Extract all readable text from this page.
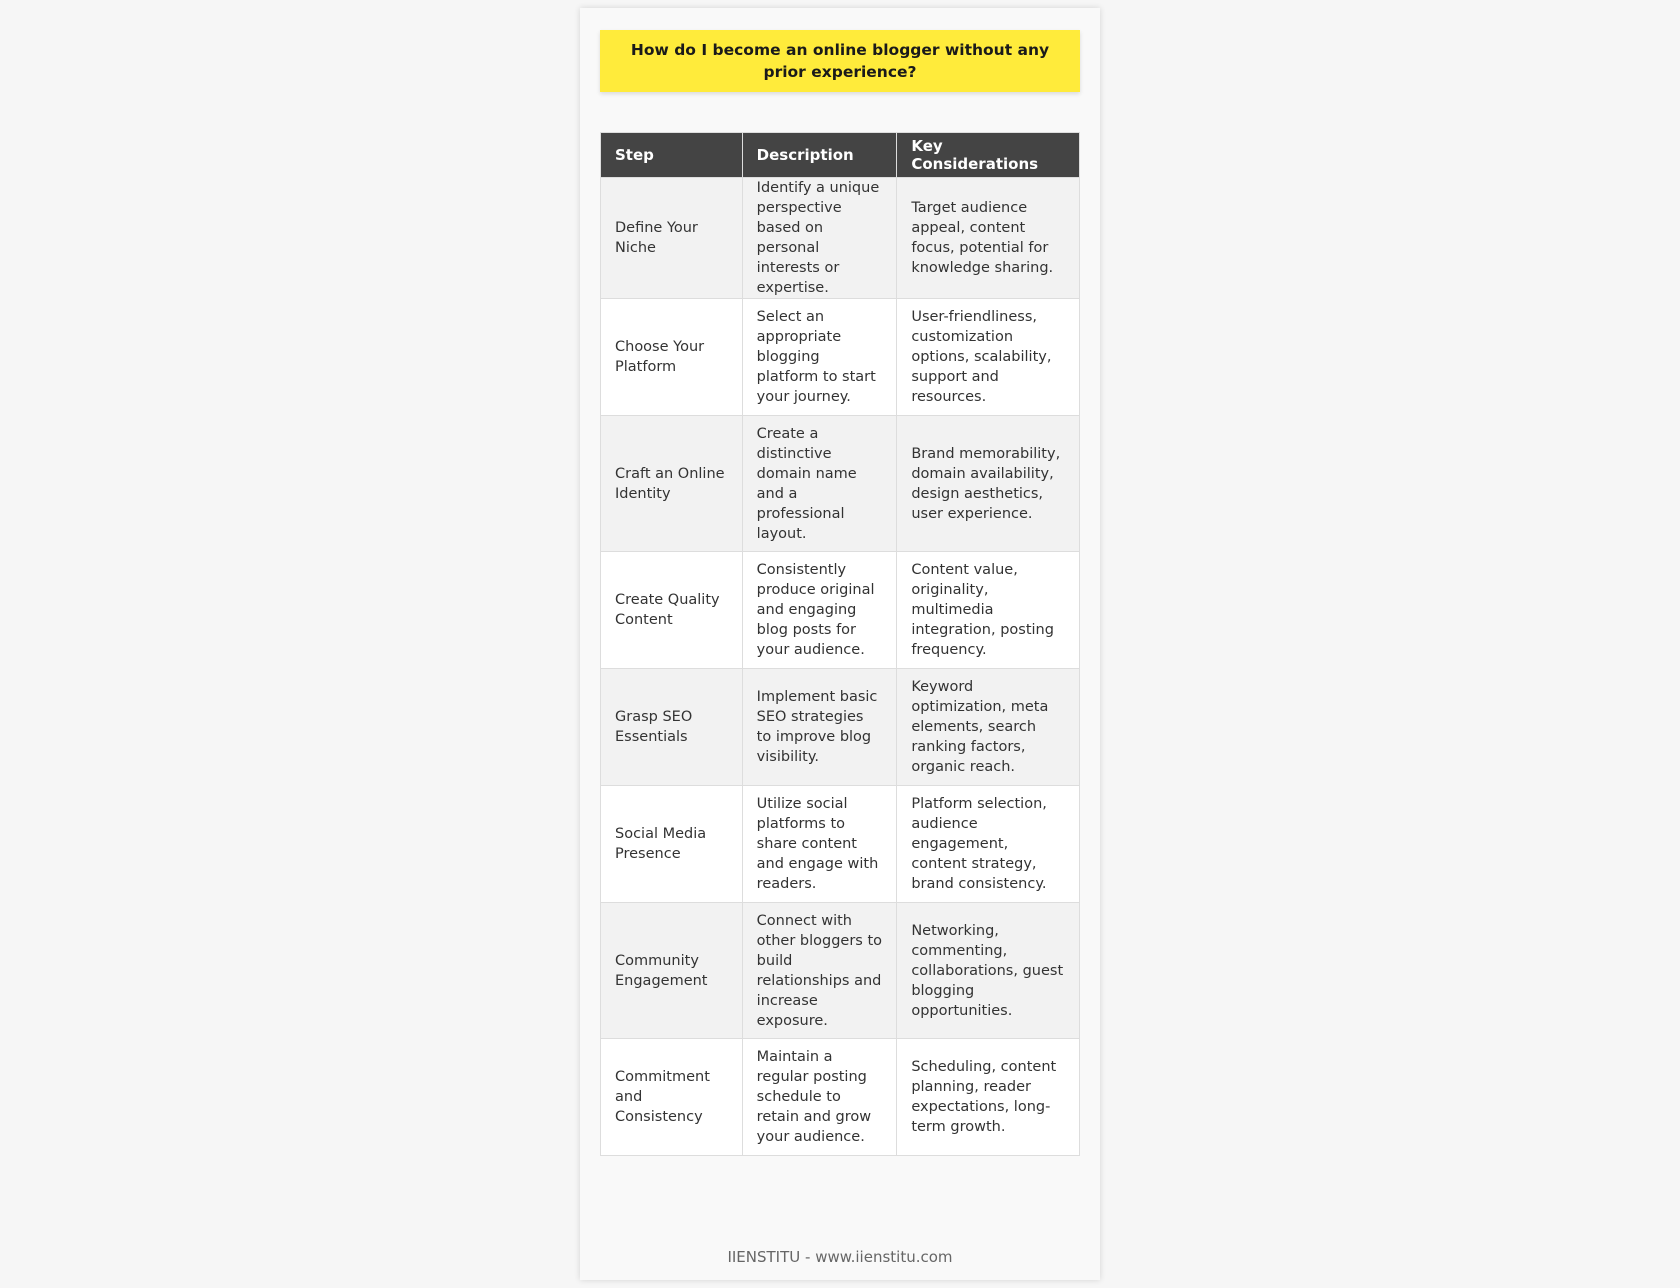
How do I become an online blogger without any prior experience?
Step	Description	Key Considerations
Define Your Niche	Identify a unique perspective based on personal interests or expertise.	Target audience appeal, content focus, potential for knowledge sharing.
Choose Your Platform	Select an appropriate blogging platform to start your journey.	User-friendliness, customization options, scalability, support and resources.
Craft an Online Identity	Create a distinctive domain name and a professional layout.	Brand memorability, domain availability, design aesthetics, user experience.
Create Quality Content	Consistently produce original and engaging blog posts for your audience.	Content value, originality, multimedia integration, posting frequency.
Grasp SEO Essentials	Implement basic SEO strategies to improve blog visibility.	Keyword optimization, meta elements, search ranking factors, organic reach.
Social Media Presence	Utilize social platforms to share content and engage with readers.	Platform selection, audience engagement, content strategy, brand consistency.
Community Engagement	Connect with other bloggers to build relationships and increase exposure.	Networking, commenting, collaborations, guest blogging opportunities.
Commitment and Consistency	Maintain a regular posting schedule to retain and grow your audience.	Scheduling, content planning, reader expectations, long-term growth.
IIENSTITU - www.iienstitu.com
